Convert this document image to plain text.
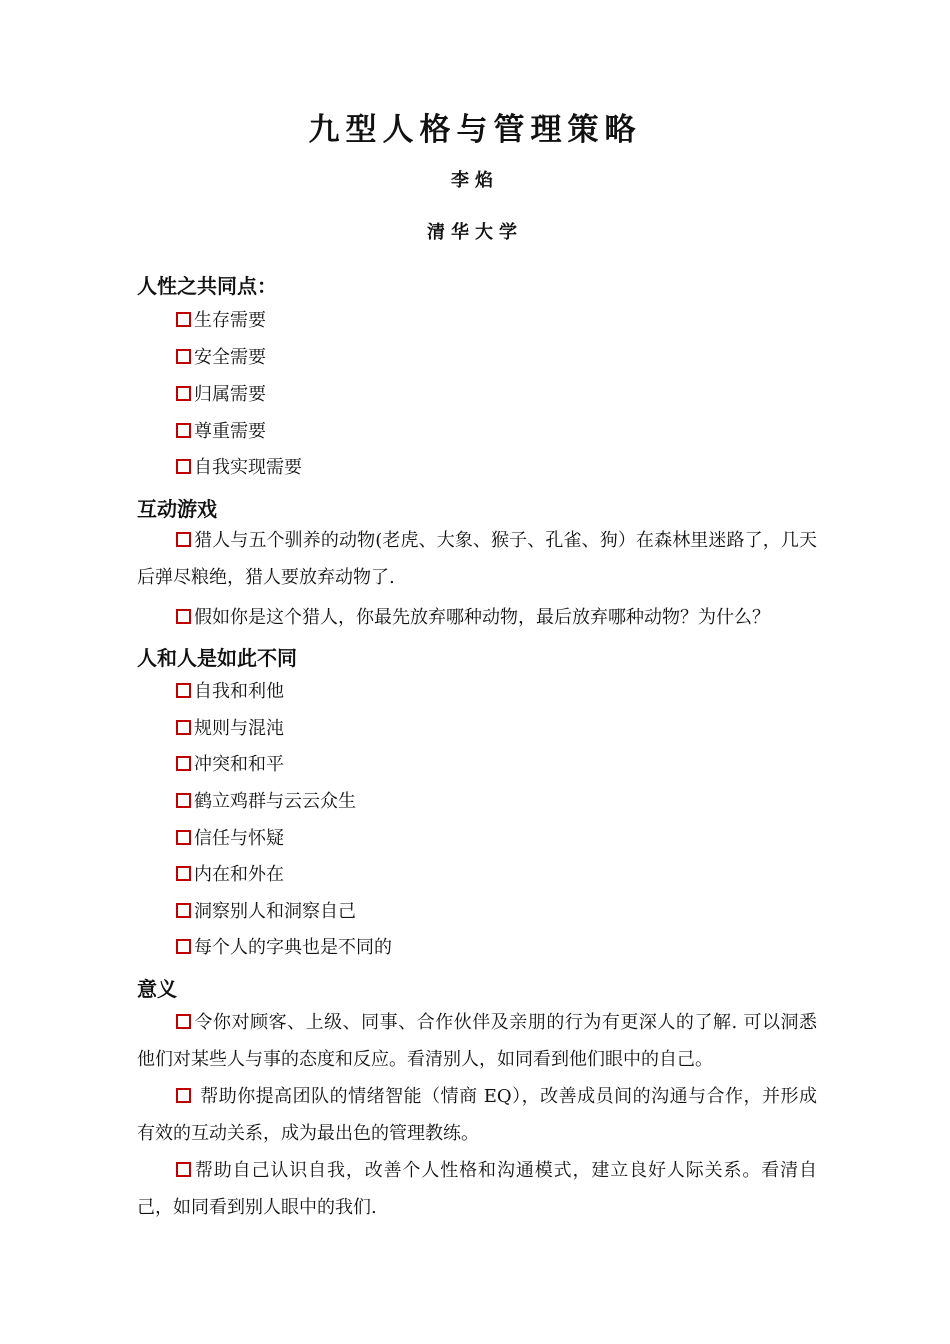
九型人格与管理策略
李焰
清华大学
人性之共同点：
生存需要
安全需要
归属需要
尊重需要
自我实现需要
互动游戏
猎人与五个驯养的动物(老虎、大象、猴子、孔雀、狗）在森林里迷路了，几天后弹尽粮绝，猎人要放弃动物了.
假如你是这个猎人，你最先放弃哪种动物，最后放弃哪种动物？为什么？
人和人是如此不同
自我和利他
规则与混沌
冲突和和平
鹤立鸡群与云云众生
信任与怀疑
内在和外在
洞察别人和洞察自己
每个人的字典也是不同的
意义
令你对顾客、上级、同事、合作伙伴及亲朋的行为有更深人的了解. 可以洞悉他们对某些人与事的态度和反应。看清别人，如同看到他们眼中的自己。
帮助你提高团队的情绪智能（情商 EQ），改善成员间的沟通与合作，并形成有效的互动关系，成为最出色的管理教练。
帮助自己认识自我，改善个人性格和沟通模式，建立良好人际关系。看清自己，如同看到别人眼中的我们.
